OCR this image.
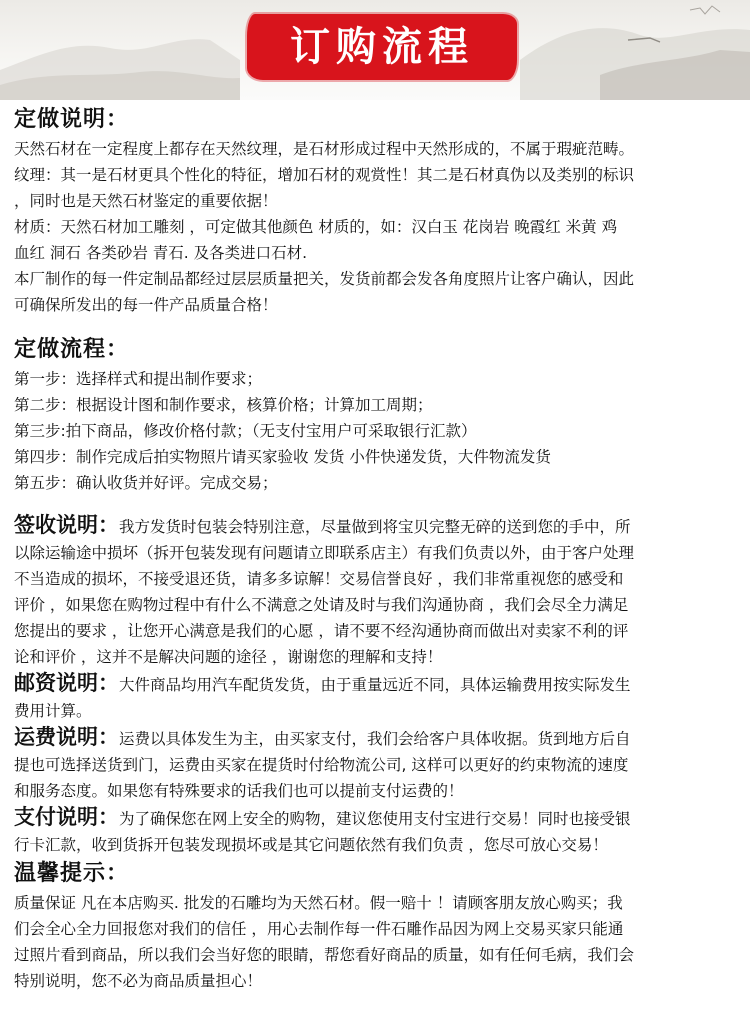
订购流程
定做说明：
天然石材在一定程度上都存在天然纹理，是石材形成过程中天然形成的，不属于瑕疵范畴。
纹理：其一是石材更具个性化的特征，增加石材的观赏性！其二是石材真伪以及类别的标识
，同时也是天然石材鉴定的重要依据！
材质：天然石材加工雕刻 ，可定做其他颜色 材质的，如：汉白玉 花岗岩 晚霞红 米黄 鸡
血红 洞石 各类砂岩 青石. 及各类进口石材.
本厂制作的每一件定制品都经过层层质量把关，发货前都会发各角度照片让客户确认，因此
可确保所发出的每一件产品质量合格！
定做流程：
第一步：选择样式和提出制作要求；
第二步：根据设计图和制作要求，核算价格；计算加工周期；
第三步:拍下商品，修改价格付款；（无支付宝用户可采取银行汇款）
第四步：制作完成后拍实物照片请买家验收 发货 小件快递发货，大件物流发货
第五步：确认收货并好评。完成交易；
签收说明：我方发货时包装会特别注意，尽量做到将宝贝完整无碎的送到您的手中，所
以除运输途中损坏（拆开包装发现有问题请立即联系店主）有我们负责以外，由于客户处理
不当造成的损坏，不接受退还货，请多多谅解！交易信誉良好 ，我们非常重视您的感受和
评价 ，如果您在购物过程中有什么不满意之处请及时与我们沟通协商 ，我们会尽全力满足
您提出的要求 ，让您开心满意是我们的心愿 ，请不要不经沟通协商而做出对卖家不利的评
论和评价 ，这并不是解决问题的途径 ，谢谢您的理解和支持！
邮资说明：大件商品均用汽车配货发货，由于重量远近不同，具体运输费用按实际发生
费用计算。
运费说明：运费以具体发生为主，由买家支付，我们会给客户具体收据。货到地方后自
提也可选择送货到门，运费由买家在提货时付给物流公司, 这样可以更好的约束物流的速度
和服务态度。如果您有特殊要求的话我们也可以提前支付运费的！
支付说明：为了确保您在网上安全的购物，建议您使用支付宝进行交易！同时也接受银
行卡汇款，收到货拆开包装发现损坏或是其它问题依然有我们负责 ，您尽可放心交易！
温馨提示：
质量保证 凡在本店购买. 批发的石雕均为天然石材。假一赔十 ！请顾客朋友放心购买；我
们会全心全力回报您对我们的信任 ，用心去制作每一件石雕作品因为网上交易买家只能通
过照片看到商品，所以我们会当好您的眼睛，帮您看好商品的质量，如有任何毛病，我们会
特别说明，您不必为商品质量担心！
